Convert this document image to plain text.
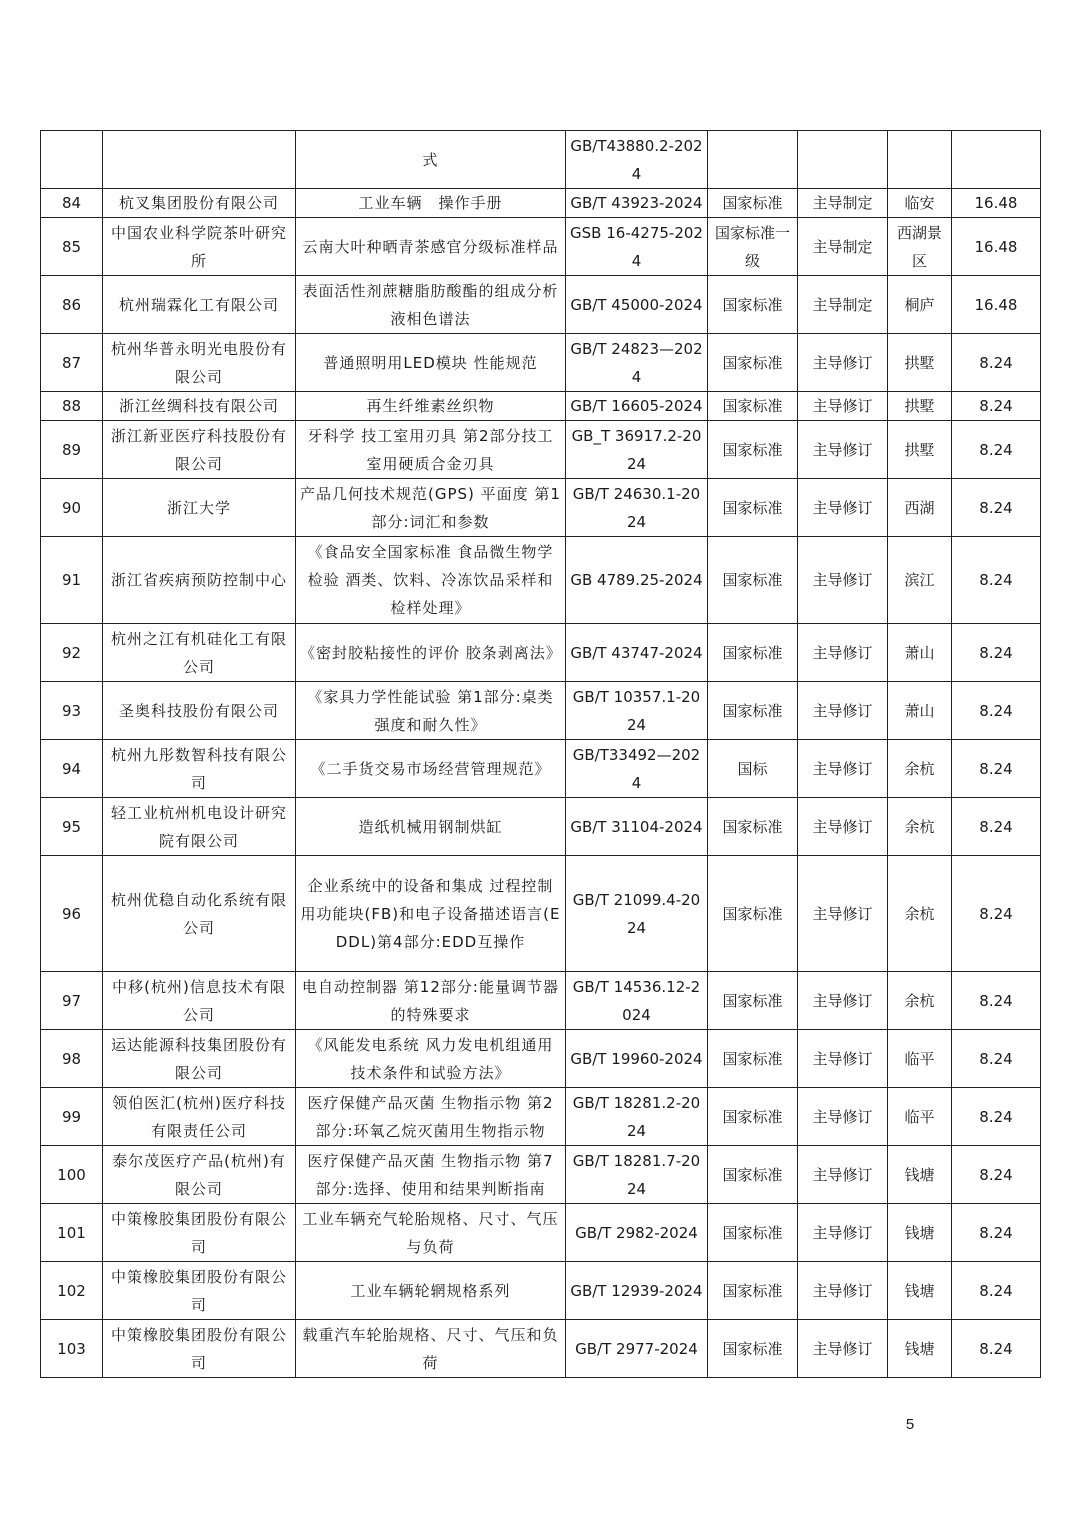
		式	GB/T43880.2-2024				
84	杭叉集团股份有限公司	工业车辆　操作手册	GB/T 43923-2024	国家标准	主导制定	临安	16.48
85	中国农业科学院茶叶研究所	云南大叶种晒青茶感官分级标准样品	GSB 16-4275-2024	国家标准一级	主导制定	西湖景区	16.48
86	杭州瑞霖化工有限公司	表面活性剂蔗糖脂肪酸酯的组成分析液相色谱法	GB/T 45000-2024	国家标准	主导制定	桐庐	16.48
87	杭州华普永明光电股份有限公司	普通照明用LED模块 性能规范	GB/T 24823—2024	国家标准	主导修订	拱墅	8.24
88	浙江丝绸科技有限公司	再生纤维素丝织物	GB/T 16605-2024	国家标准	主导修订	拱墅	8.24
89	浙江新亚医疗科技股份有限公司	牙科学 技工室用刃具 第2部分技工室用硬质合金刃具	GB_T 36917.2-2024	国家标准	主导修订	拱墅	8.24
90	浙江大学	产品几何技术规范(GPS) 平面度 第1部分:词汇和参数	GB/T 24630.1-2024	国家标准	主导修订	西湖	8.24
91	浙江省疾病预防控制中心	《食品安全国家标准 食品微生物学检验 酒类、饮料、冷冻饮品采样和检样处理》	GB 4789.25-2024	国家标准	主导修订	滨江	8.24
92	杭州之江有机硅化工有限公司	《密封胶粘接性的评价 胶条剥离法》	GB/T 43747-2024	国家标准	主导修订	萧山	8.24
93	圣奥科技股份有限公司	《家具力学性能试验 第1部分:桌类强度和耐久性》	GB/T 10357.1-2024	国家标准	主导修订	萧山	8.24
94	杭州九彤数智科技有限公司	《二手货交易市场经营管理规范》	GB/T33492—2024	国标	主导修订	余杭	8.24
95	轻工业杭州机电设计研究院有限公司	造纸机械用钢制烘缸	GB/T 31104-2024	国家标准	主导修订	余杭	8.24
96	杭州优稳自动化系统有限公司	企业系统中的设备和集成 过程控制用功能块(FB)和电子设备描述语言(EDDL)第4部分:EDD互操作	GB/T 21099.4-2024	国家标准	主导修订	余杭	8.24
97	中移(杭州)信息技术有限公司	电自动控制器 第12部分:能量调节器的特殊要求	GB/T 14536.12-2024	国家标准	主导修订	余杭	8.24
98	运达能源科技集团股份有限公司	《风能发电系统 风力发电机组通用技术条件和试验方法》	GB/T 19960-2024	国家标准	主导修订	临平	8.24
99	领伯医汇(杭州)医疗科技有限责任公司	医疗保健产品灭菌 生物指示物 第2部分:环氧乙烷灭菌用生物指示物	GB/T 18281.2-2024	国家标准	主导修订	临平	8.24
100	泰尔茂医疗产品(杭州)有限公司	医疗保健产品灭菌 生物指示物 第7部分:选择、使用和结果判断指南	GB/T 18281.7-2024	国家标准	主导修订	钱塘	8.24
101	中策橡胶集团股份有限公司	工业车辆充气轮胎规格、尺寸、气压与负荷	GB/T 2982-2024	国家标准	主导修订	钱塘	8.24
102	中策橡胶集团股份有限公司	工业车辆轮辋规格系列	GB/T 12939-2024	国家标准	主导修订	钱塘	8.24
103	中策橡胶集团股份有限公司	载重汽车轮胎规格、尺寸、气压和负荷	GB/T 2977-2024	国家标准	主导修订	钱塘	8.24
5
